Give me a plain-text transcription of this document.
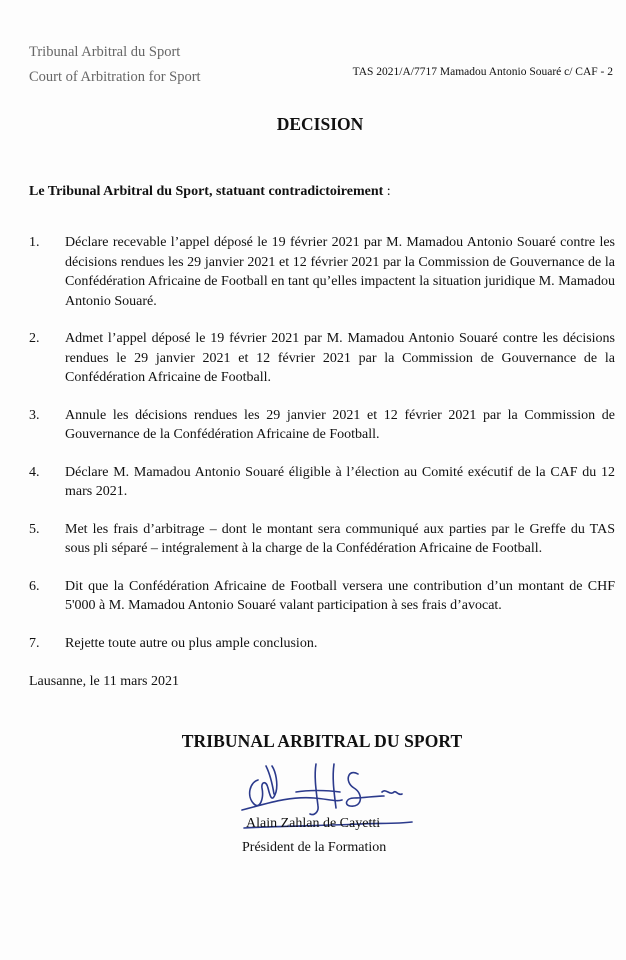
Tribunal Arbitral du Sport
Court of Arbitration for Sport	TAS 2021/A/7717 Mamadou Antonio Souaré c/ CAF - 2
DECISION
Le Tribunal Arbitral du Sport, statuant contradictoirement :
1.	Déclare recevable l’appel déposé le 19 février 2021 par M. Mamadou Antonio Souaré contre les décisions rendues les 29 janvier 2021 et 12 février 2021 par la Commission de Gouvernance de la Confédération Africaine de Football en tant qu’elles impactent la situation juridique M. Mamadou Antonio Souaré.
2.	Admet l’appel déposé le 19 février 2021 par M. Mamadou Antonio Souaré contre les décisions rendues le 29 janvier 2021 et 12 février 2021 par la Commission de Gouvernance de la Confédération Africaine de Football.
3.	Annule les décisions rendues les 29 janvier 2021 et 12 février 2021 par la Commission de Gouvernance de la Confédération Africaine de Football.
4.	Déclare M. Mamadou Antonio Souaré éligible à l’élection au Comité exécutif de la CAF du 12 mars 2021.
5.	Met les frais d’arbitrage – dont le montant sera communiqué aux parties par le Greffe du TAS sous pli séparé – intégralement à la charge de la Confédération Africaine de Football.
6.	Dit que la Confédération Africaine de Football versera une contribution d’un montant de CHF 5'000 à M. Mamadou Antonio Souaré valant participation à ses frais d’avocat.
7.	Rejette toute autre ou plus ample conclusion.
Lausanne, le 11 mars 2021
TRIBUNAL ARBITRAL DU SPORT
Alain Zahlan de Cayetti
Président de la Formation
